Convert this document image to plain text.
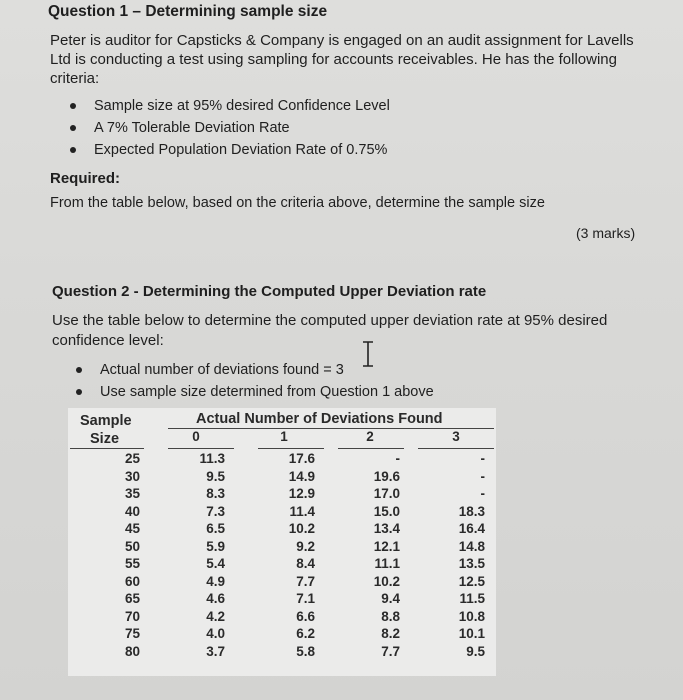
Question 1 – Determining sample size
Peter is auditor for Capsticks & Company is engaged on an audit assignment for Lavells
Ltd is conducting a test using sampling for accounts receivables. He has the following
criteria:
Sample size at 95% desired Confidence Level
A 7% Tolerable Deviation Rate
Expected Population Deviation Rate of 0.75%
Required:
From the table below, based on the criteria above, determine the sample size
(3 marks)
Question 2 - Determining the Computed Upper Deviation rate
Use the table below to determine the computed upper deviation rate at 95% desired
confidence level:
Actual number of deviations found = 3
Use sample size determined from Question 1 above
Sample
Size
Actual Number of Deviations Found
0	1	2	3
25	11.3	17.6	-	-
30	9.5	14.9	19.6	-
35	8.3	12.9	17.0	-
40	7.3	11.4	15.0	18.3
45	6.5	10.2	13.4	16.4
50	5.9	9.2	12.1	14.8
55	5.4	8.4	11.1	13.5
60	4.9	7.7	10.2	12.5
65	4.6	7.1	9.4	11.5
70	4.2	6.6	8.8	10.8
75	4.0	6.2	8.2	10.1
80	3.7	5.8	7.7	9.5
